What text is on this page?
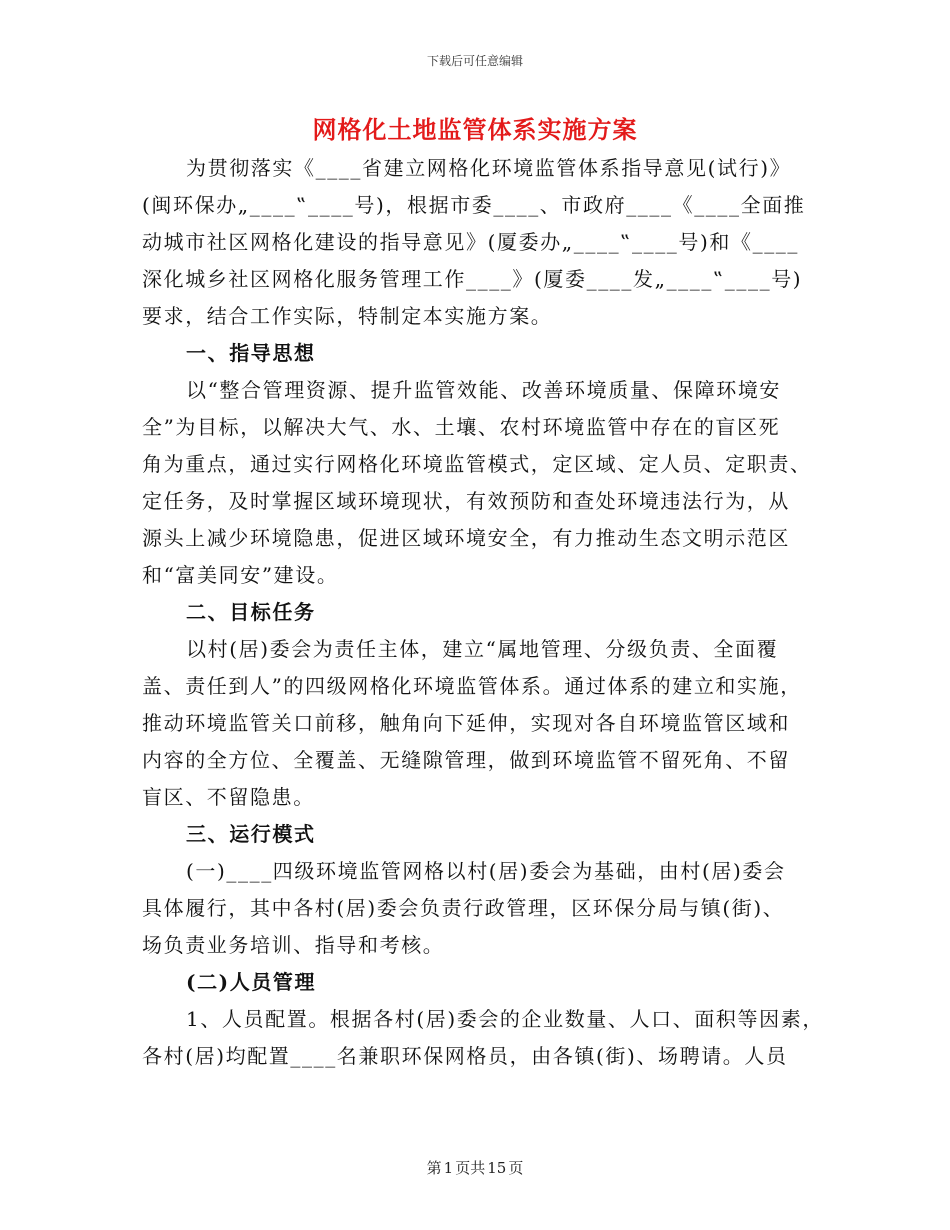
下载后可任意编辑
网格化土地监管体系实施方案
为贯彻落实《____省建立网格化环境监管体系指导意见(试行)》
(闽环保办„____‟____号)，根据市委____、市政府____《____全面推
动城市社区网格化建设的指导意见》(厦委办„____‟____号)和《____
深化城乡社区网格化服务管理工作____》(厦委____发„____‟____号)
要求，结合工作实际，特制定本实施方案。
一、指导思想
以“整合管理资源、提升监管效能、改善环境质量、保障环境安
全”为目标，以解决大气、水、土壤、农村环境监管中存在的盲区死
角为重点，通过实行网格化环境监管模式，定区域、定人员、定职责、
定任务，及时掌握区域环境现状，有效预防和查处环境违法行为，从
源头上减少环境隐患，促进区域环境安全，有力推动生态文明示范区
和“富美同安”建设。
二、目标任务
以村(居)委会为责任主体，建立“属地管理、分级负责、全面覆
盖、责任到人”的四级网格化环境监管体系。通过体系的建立和实施，
推动环境监管关口前移，触角向下延伸，实现对各自环境监管区域和
内容的全方位、全覆盖、无缝隙管理，做到环境监管不留死角、不留
盲区、不留隐患。
三、运行模式
(一)____四级环境监管网格以村(居)委会为基础，由村(居)委会
具体履行，其中各村(居)委会负责行政管理，区环保分局与镇(街)、
场负责业务培训、指导和考核。
(二)人员管理
1、人员配置。根据各村(居)委会的企业数量、人口、面积等因素，
各村(居)均配置____名兼职环保网格员，由各镇(街)、场聘请。人员
第 1 页共 15 页
